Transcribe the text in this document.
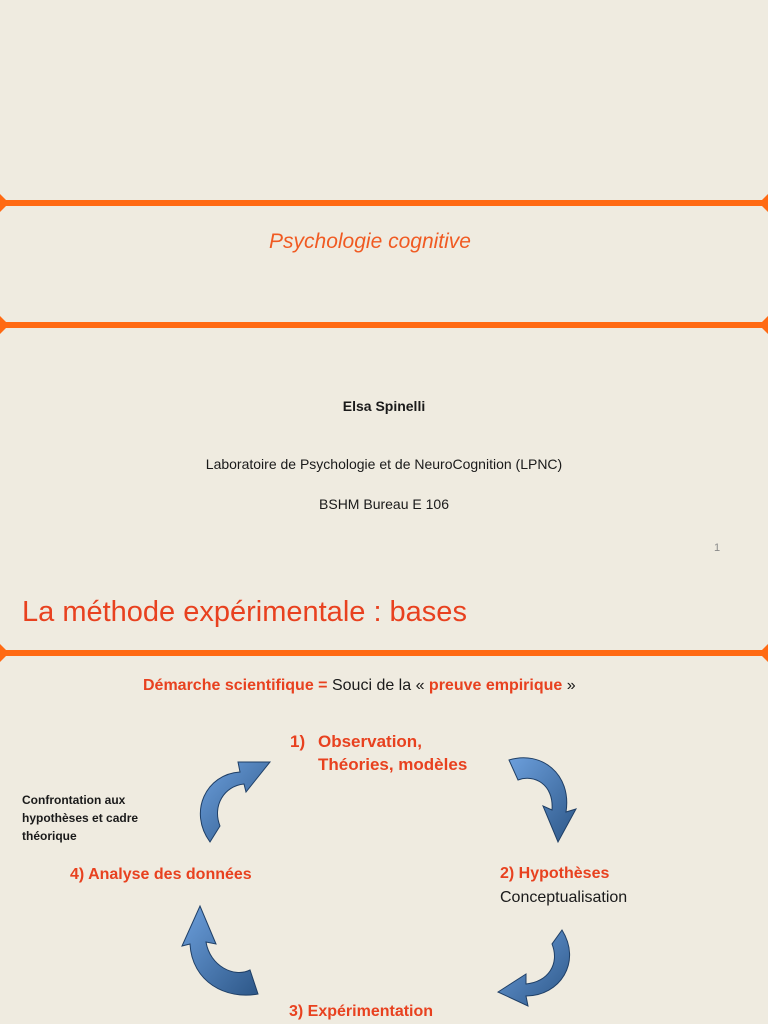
Psychologie cognitive
Elsa Spinelli
Laboratoire de Psychologie et de NeuroCognition (LPNC)
BSHM Bureau E 106
1
La méthode expérimentale : bases
Démarche scientifique = Souci de la « preuve empirique »
1) Observation,
Théories, modèles
2) Hypothèses
Conceptualisation
3) Expérimentation
4) Analyse des données
Confrontation aux
hypothèses et cadre
théorique
